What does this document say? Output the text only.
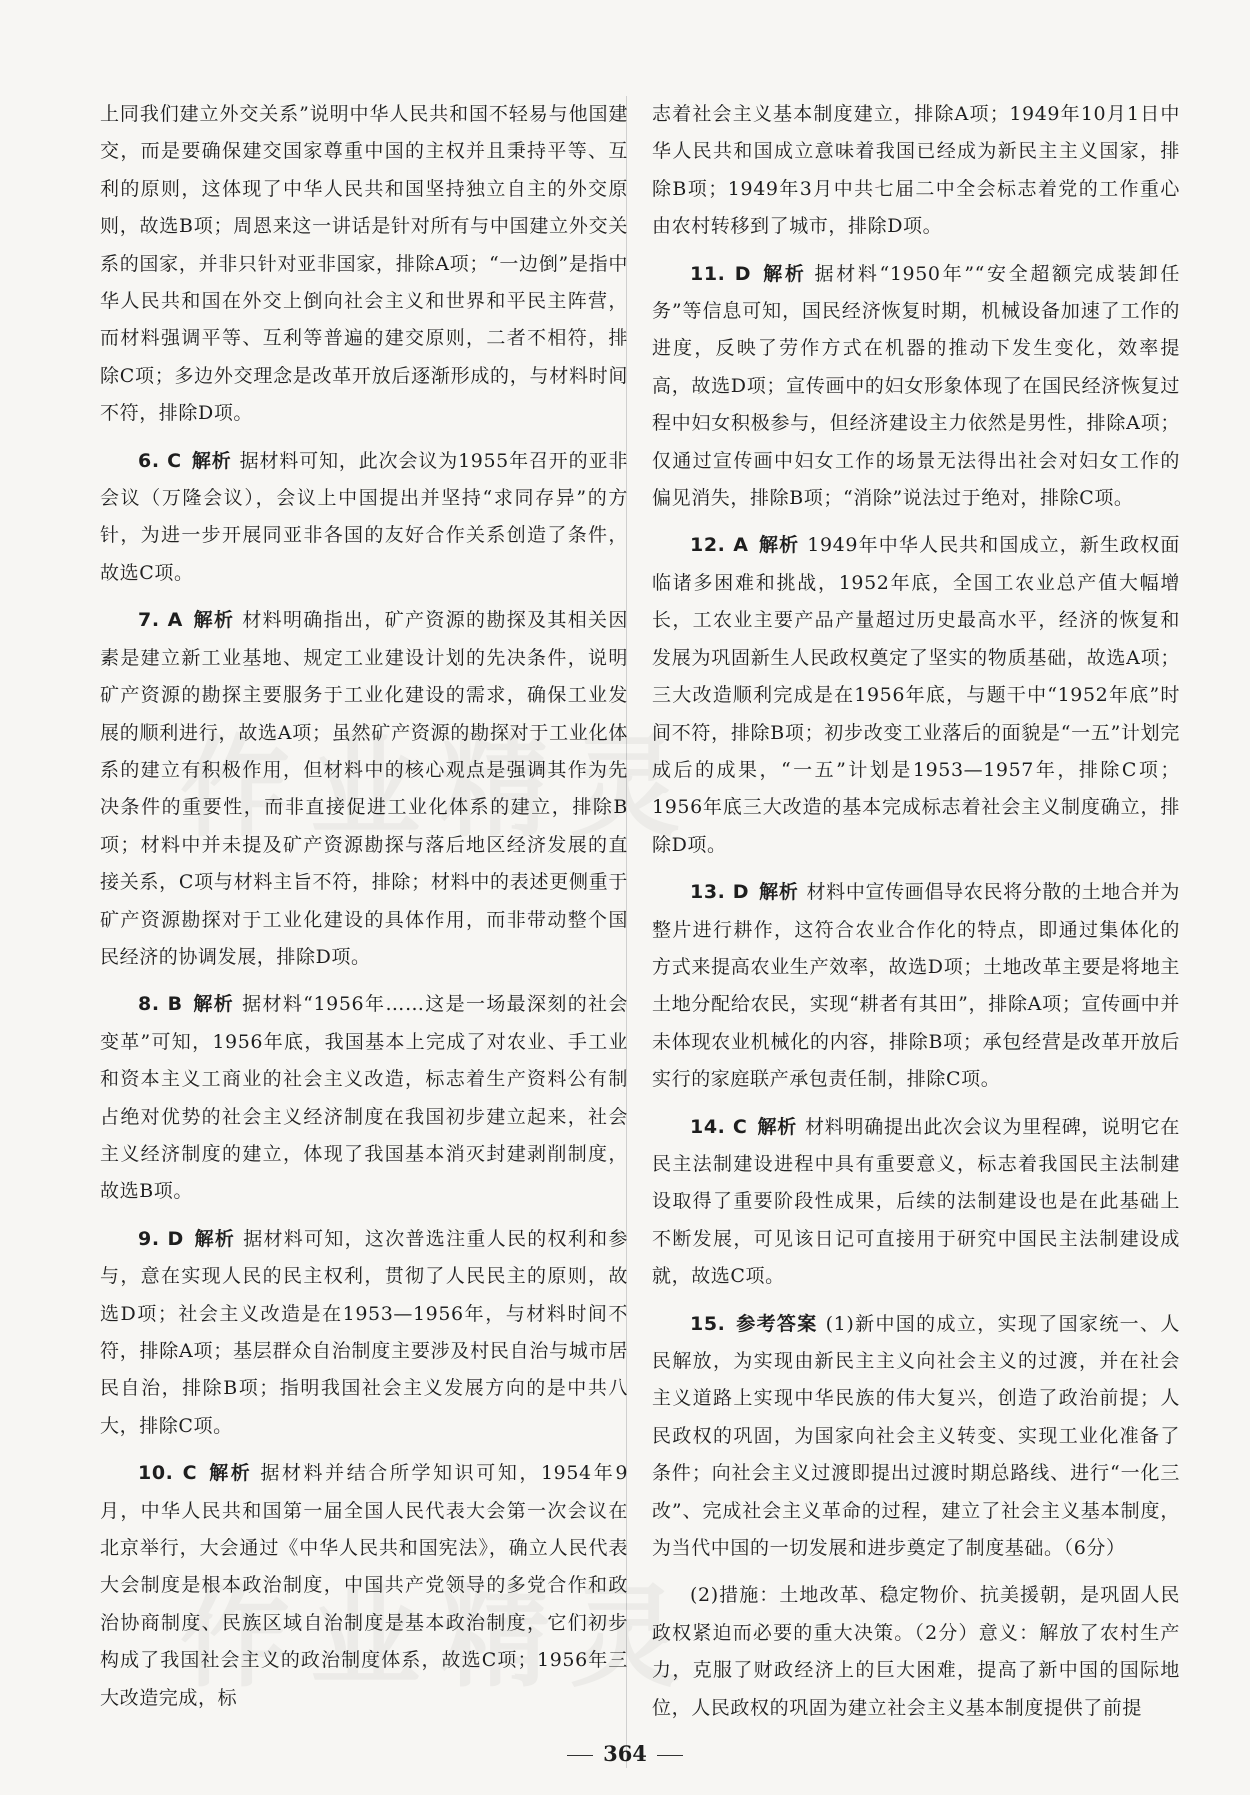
上同我们建立外交关系”说明中华人民共和国不轻易与他国建交，而是要确保建交国家尊重中国的主权并且秉持平等、互利的原则，这体现了中华人民共和国坚持独立自主的外交原则，故选B项；周恩来这一讲话是针对所有与中国建立外交关系的国家，并非只针对亚非国家，排除A项；“一边倒”是指中华人民共和国在外交上倒向社会主义和世界和平民主阵营，而材料强调平等、互利等普遍的建交原则，二者不相符，排除C项；多边外交理念是改革开放后逐渐形成的，与材料时间不符，排除D项。

6. C 解析 据材料可知，此次会议为1955年召开的亚非会议（万隆会议），会议上中国提出并坚持“求同存异”的方针，为进一步开展同亚非各国的友好合作关系创造了条件，故选C项。

7. A 解析 材料明确指出，矿产资源的勘探及其相关因素是建立新工业基地、规定工业建设计划的先决条件，说明矿产资源的勘探主要服务于工业化建设的需求，确保工业发展的顺利进行，故选A项；虽然矿产资源的勘探对于工业化体系的建立有积极作用，但材料中的核心观点是强调其作为先决条件的重要性，而非直接促进工业化体系的建立，排除B项；材料中并未提及矿产资源勘探与落后地区经济发展的直接关系，C项与材料主旨不符，排除；材料中的表述更侧重于矿产资源勘探对于工业化建设的具体作用，而非带动整个国民经济的协调发展，排除D项。

8. B 解析 据材料“1956年……这是一场最深刻的社会变革”可知，1956年底，我国基本上完成了对农业、手工业和资本主义工商业的社会主义改造，标志着生产资料公有制占绝对优势的社会主义经济制度在我国初步建立起来，社会主义经济制度的建立，体现了我国基本消灭封建剥削制度，故选B项。

9. D 解析 据材料可知，这次普选注重人民的权利和参与，意在实现人民的民主权利，贯彻了人民民主的原则，故选D项；社会主义改造是在1953—1956年，与材料时间不符，排除A项；基层群众自治制度主要涉及村民自治与城市居民自治，排除B项；指明我国社会主义发展方向的是中共八大，排除C项。

10. C 解析 据材料并结合所学知识可知，1954年9月，中华人民共和国第一届全国人民代表大会第一次会议在北京举行，大会通过《中华人民共和国宪法》，确立人民代表大会制度是根本政治制度，中国共产党领导的多党合作和政治协商制度、民族区域自治制度是基本政治制度，它们初步构成了我国社会主义的政治制度体系，故选C项；1956年三大改造完成，标

志着社会主义基本制度建立，排除A项；1949年10月1日中华人民共和国成立意味着我国已经成为新民主主义国家，排除B项；1949年3月中共七届二中全会标志着党的工作重心由农村转移到了城市，排除D项。

11. D 解析 据材料“1950年”“安全超额完成装卸任务”等信息可知，国民经济恢复时期，机械设备加速了工作的进度，反映了劳作方式在机器的推动下发生变化，效率提高，故选D项；宣传画中的妇女形象体现了在国民经济恢复过程中妇女积极参与，但经济建设主力依然是男性，排除A项；仅通过宣传画中妇女工作的场景无法得出社会对妇女工作的偏见消失，排除B项；“消除”说法过于绝对，排除C项。

12. A 解析 1949年中华人民共和国成立，新生政权面临诸多困难和挑战，1952年底，全国工农业总产值大幅增长，工农业主要产品产量超过历史最高水平，经济的恢复和发展为巩固新生人民政权奠定了坚实的物质基础，故选A项；三大改造顺利完成是在1956年底，与题干中“1952年底”时间不符，排除B项；初步改变工业落后的面貌是“一五”计划完成后的成果，“一五”计划是1953—1957年，排除C项；1956年底三大改造的基本完成标志着社会主义制度确立，排除D项。

13. D 解析 材料中宣传画倡导农民将分散的土地合并为整片进行耕作，这符合农业合作化的特点，即通过集体化的方式来提高农业生产效率，故选D项；土地改革主要是将地主土地分配给农民，实现“耕者有其田”，排除A项；宣传画中并未体现农业机械化的内容，排除B项；承包经营是改革开放后实行的家庭联产承包责任制，排除C项。

14. C 解析 材料明确提出此次会议为里程碑，说明它在民主法制建设进程中具有重要意义，标志着我国民主法制建设取得了重要阶段性成果，后续的法制建设也是在此基础上不断发展，可见该日记可直接用于研究中国民主法制建设成就，故选C项。

15. 参考答案 (1)新中国的成立，实现了国家统一、人民解放，为实现由新民主主义向社会主义的过渡，并在社会主义道路上实现中华民族的伟大复兴，创造了政治前提；人民政权的巩固，为国家向社会主义转变、实现工业化准备了条件；向社会主义过渡即提出过渡时期总路线、进行“一化三改”、完成社会主义革命的过程，建立了社会主义基本制度，为当代中国的一切发展和进步奠定了制度基础。（6分）

(2)措施：土地改革、稳定物价、抗美援朝，是巩固人民政权紧迫而必要的重大决策。（2分）意义：解放了农村生产力，克服了财政经济上的巨大困难，提高了新中国的国际地位，人民政权的巩固为建立社会主义基本制度提供了前提

364
